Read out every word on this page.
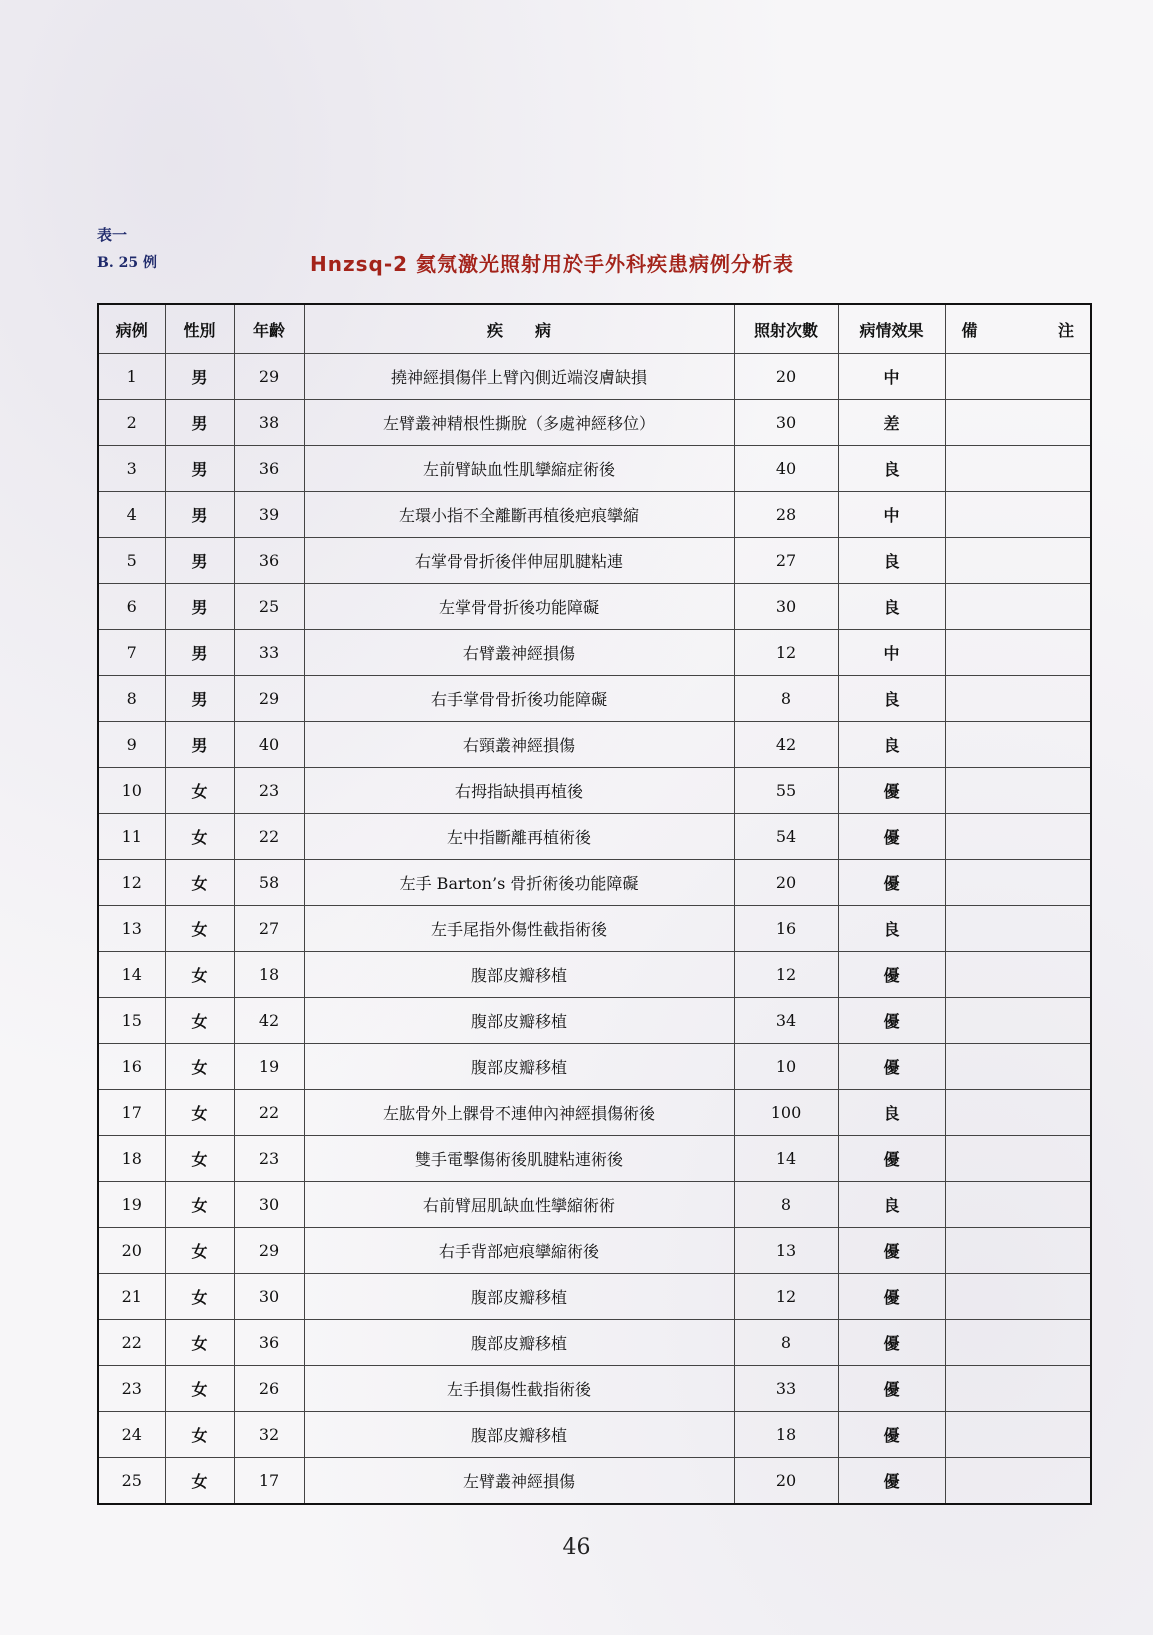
表一
B. 25 例	Hnzsq-2 氦氖激光照射用於手外科疾患病例分析表
病例	性別	年齡	疾　　病	照射次數	病情效果	備 注
1	男	29	撓神經損傷伴上臂內側近端沒膚缺損	20	中	
2	男	38	左臂叢神精根性撕脫（多處神經移位）	30	差	
3	男	36	左前臂缺血性肌攣縮症術後	40	良	
4	男	39	左環小指不全離斷再植後疤痕攣縮	28	中	
5	男	36	右掌骨骨折後伴伸屈肌腱粘連	27	良	
6	男	25	左掌骨骨折後功能障礙	30	良	
7	男	33	右臂叢神經損傷	12	中	
8	男	29	右手掌骨骨折後功能障礙	8	良	
9	男	40	右頸叢神經損傷	42	良	
10	女	23	右拇指缺損再植後	55	優	
11	女	22	左中指斷離再植術後	54	優	
12	女	58	左手 Barton’s 骨折術後功能障礙	20	優	
13	女	27	左手尾指外傷性截指術後	16	良	
14	女	18	腹部皮瓣移植	12	優	
15	女	42	腹部皮瓣移植	34	優	
16	女	19	腹部皮瓣移植	10	優	
17	女	22	左肱骨外上髁骨不連伸內神經損傷術後	100	良	
18	女	23	雙手電擊傷術後肌腱粘連術後	14	優	
19	女	30	右前臂屈肌缺血性攣縮術術	8	良	
20	女	29	右手背部疤痕攣縮術後	13	優	
21	女	30	腹部皮瓣移植	12	優	
22	女	36	腹部皮瓣移植	8	優	
23	女	26	左手損傷性截指術後	33	優	
24	女	32	腹部皮瓣移植	18	優	
25	女	17	左臂叢神經損傷	20	優	
46
